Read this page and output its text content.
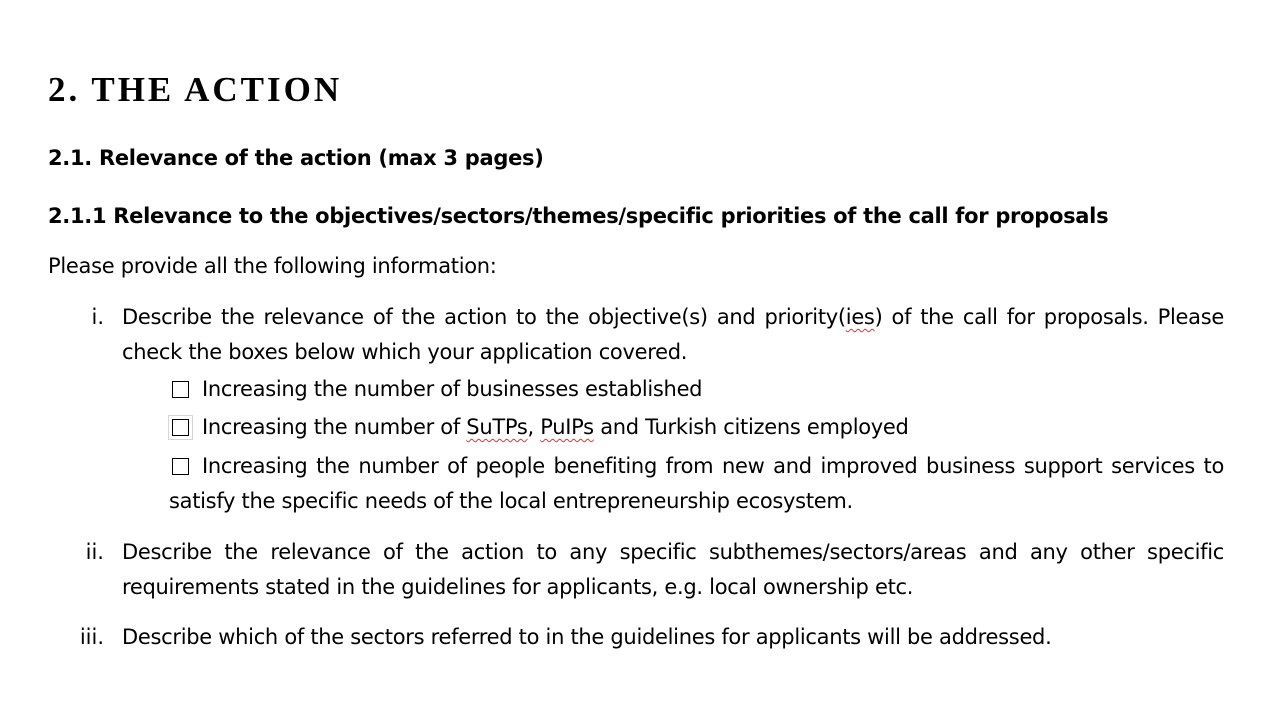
2. THE ACTION
2.1. Relevance of the action (max 3 pages)
2.1.1 Relevance to the objectives/sectors/themes/specific priorities of the call for proposals
Please provide all the following information:
i. Describe the relevance of the action to the objective(s) and priority(ies) of the call for proposals. Please check the boxes below which your application covered.
Increasing the number of businesses established
Increasing the number of SuTPs, PuIPs and Turkish citizens employed
Increasing the number of people benefiting from new and improved business support services to satisfy the specific needs of the local entrepreneurship ecosystem.
ii. Describe the relevance of the action to any specific subthemes/sectors/areas and any other specific requirements stated in the guidelines for applicants, e.g. local ownership etc.
iii. Describe which of the sectors referred to in the guidelines for applicants will be addressed.
